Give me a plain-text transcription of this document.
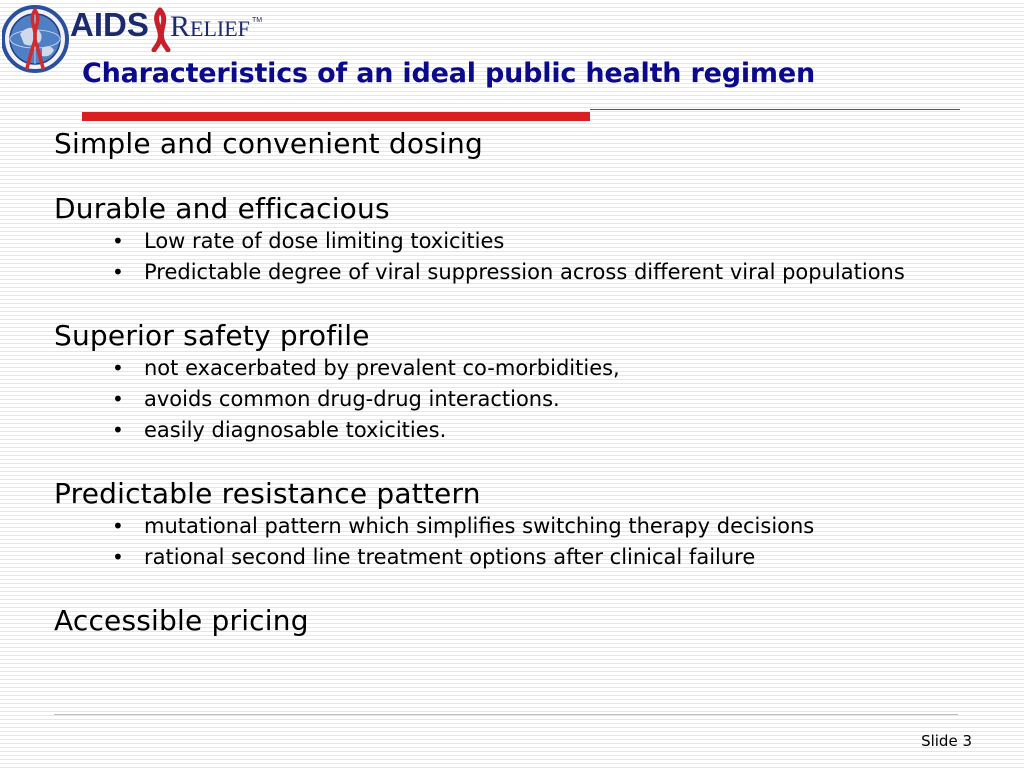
AIDS R ELIEF TM
Characteristics of an ideal public health regimen

Simple and convenient dosing

Durable and efficacious

• Low rate of dose limiting toxicities
• Predictable degree of viral suppression across different viral populations

Superior safety profile

• not exacerbated by prevalent co-morbidities,
• avoids common drug-drug interactions.
• easily diagnosable toxicities.

Predictable resistance pattern

• mutational pattern which simplifies switching therapy decisions
• rational second line treatment options after clinical failure

Accessible pricing

Slide 3
